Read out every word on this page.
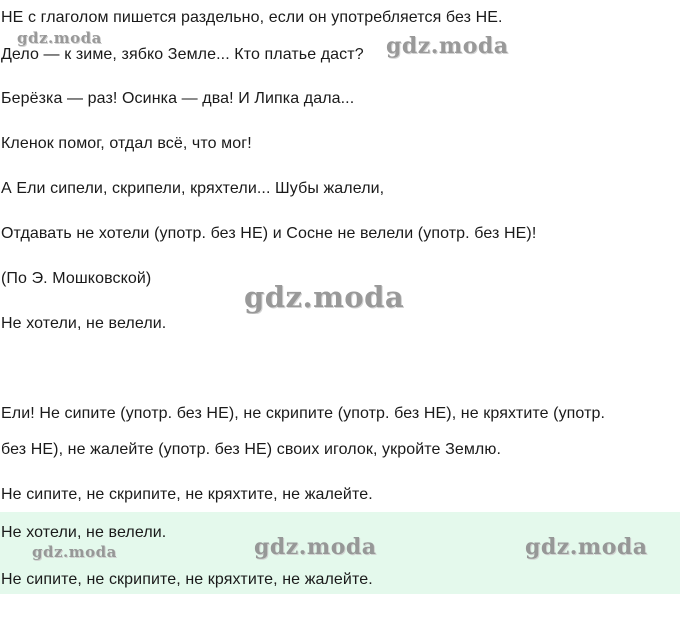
НЕ с глаголом пишется раздельно, если он употребляется без НЕ.
Дело — к зиме, зябко Земле... Кто платье даст?
Берёзка — раз! Осинка — два! И Липка дала...
Кленок помог, отдал всё, что мог!
А Ели сипели, скрипели, кряхтели... Шубы жалели,
Отдавать не хотели (употр. без НЕ) и Сосне не велели (употр. без НЕ)!
(По Э. Мошковской)
Не хотели, не велели.
Ели! Не сипите (употр. без НЕ), не скрипите (употр. без НЕ), не кряхтите (употр.
без НЕ), не жалейте (употр. без НЕ) своих иголок, укройте Землю.
Не сипите, не скрипите, не кряхтите, не жалейте.
Не хотели, не велели.
Не сипите, не скрипите, не кряхтите, не жалейте.
gdz.moda	gdz.moda
gdz.moda
gdz.moda	gdz.moda	gdz.moda
